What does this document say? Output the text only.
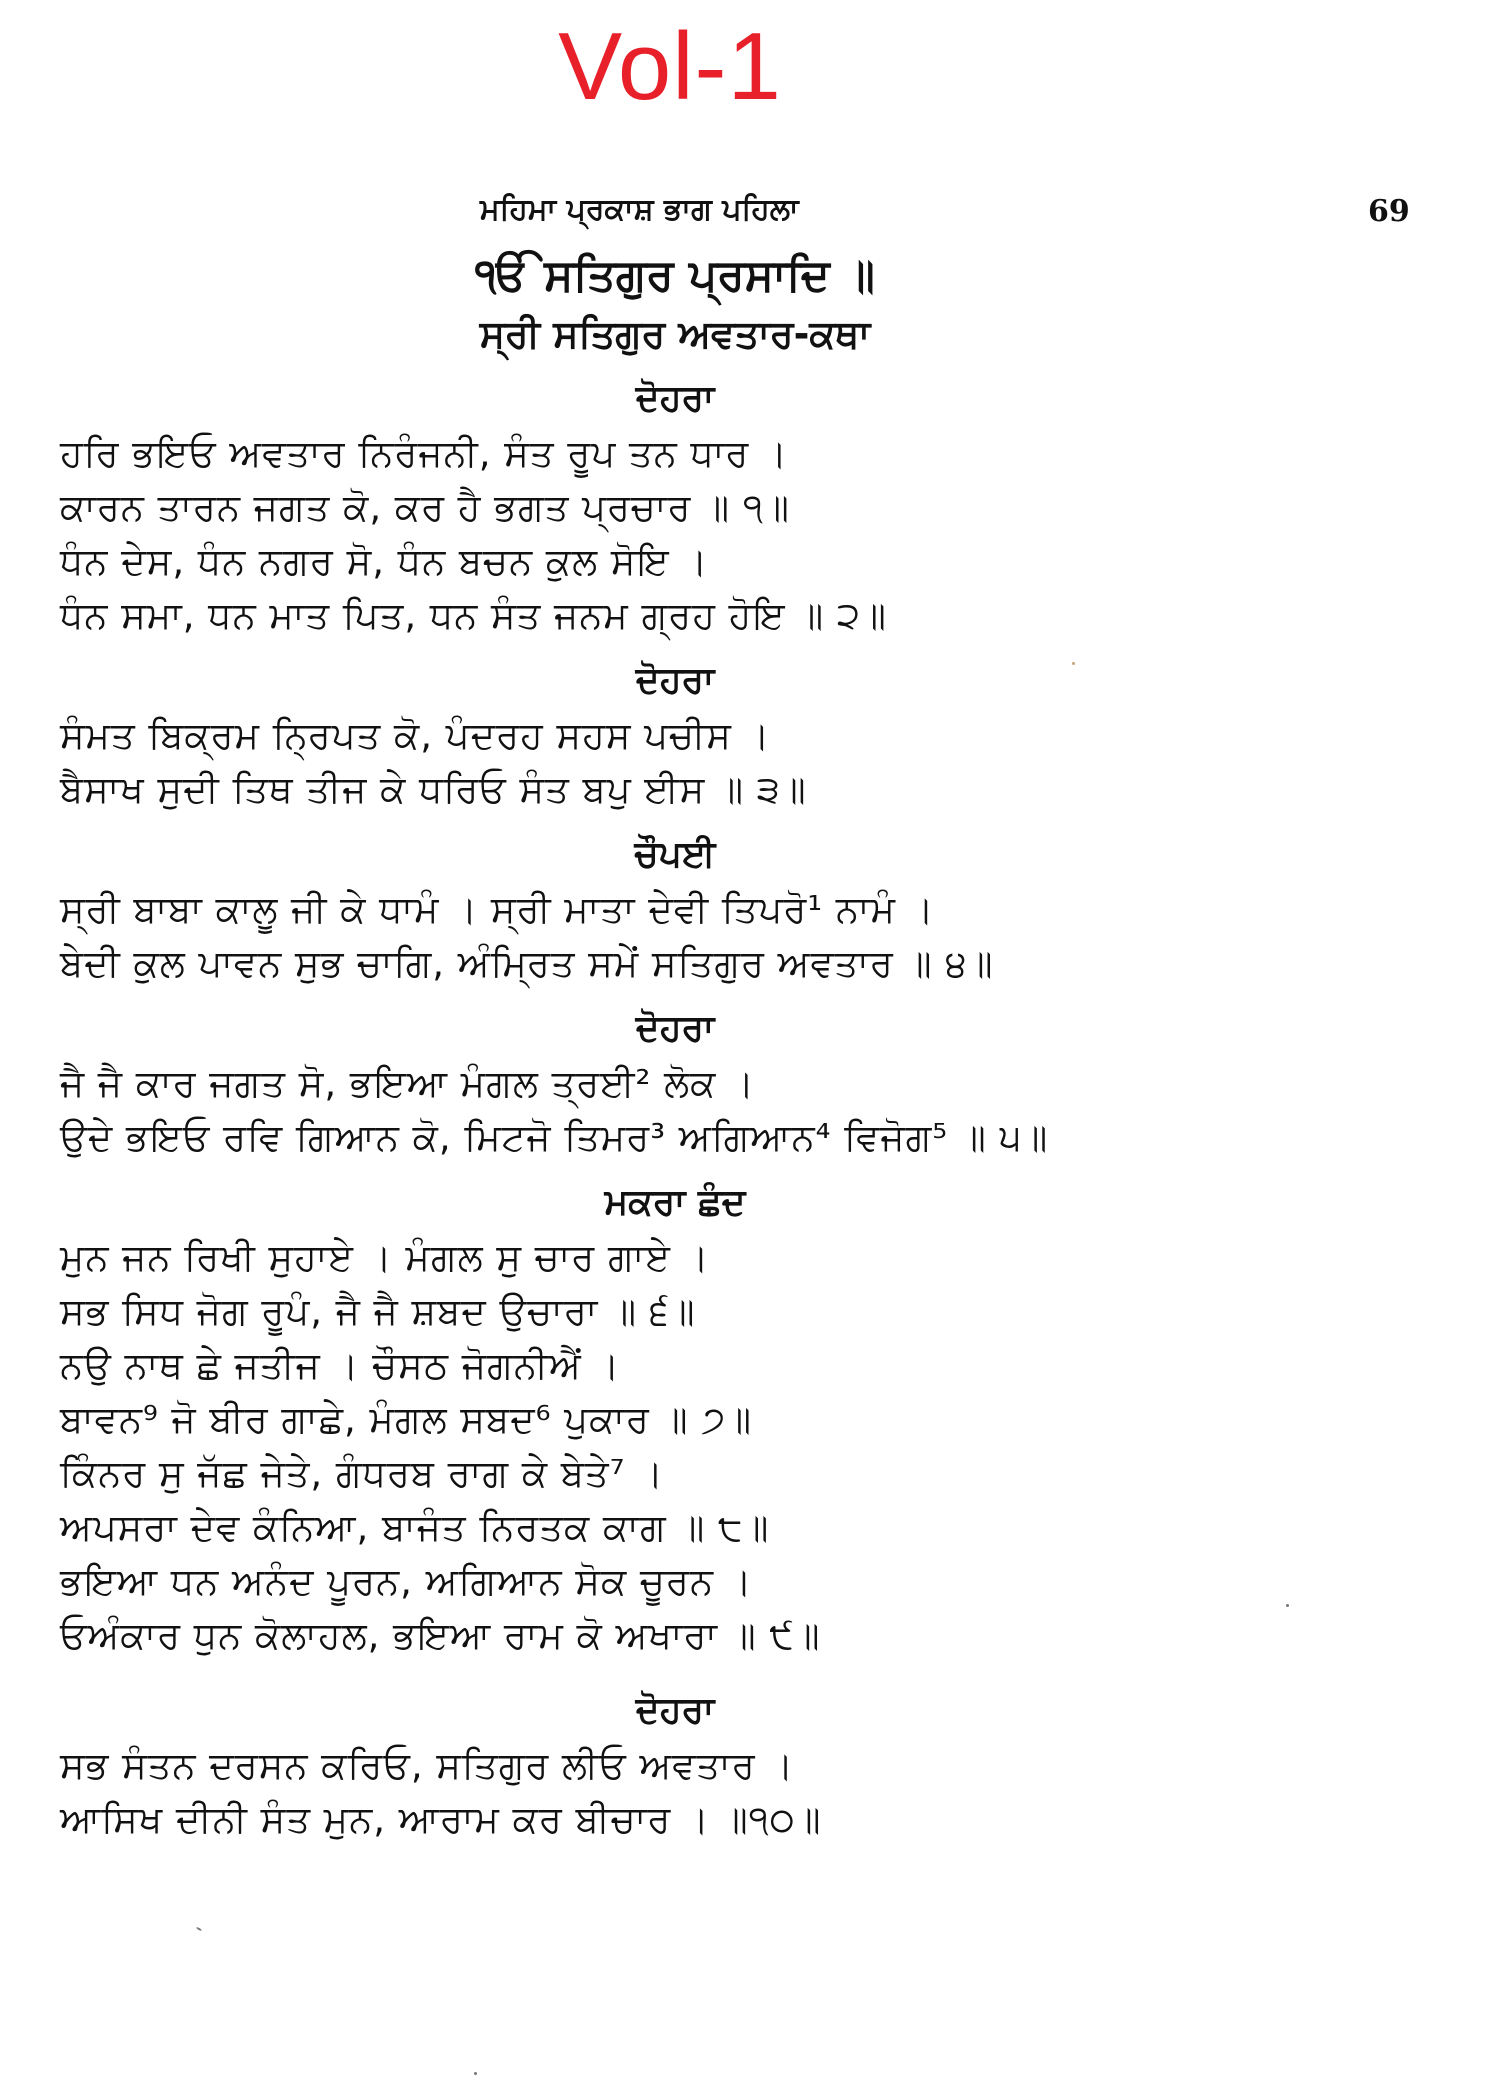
Vol-1
ਮਹਿਮਾ ਪ੍ਰਕਾਸ਼ ਭਾਗ ਪਹਿਲਾ	69
ੴ ਸਤਿਗੁਰ ਪ੍ਰਸਾਦਿ ॥
ਸ੍ਰੀ ਸਤਿਗੁਰ ਅਵਤਾਰ-ਕਥਾ
ਦੋਹਰਾ
ਹਰਿ ਭਇਓ ਅਵਤਾਰ ਨਿਰੰਜਨੀ, ਸੰਤ ਰੂਪ ਤਨ ਧਾਰ ।
ਕਾਰਨ ਤਾਰਨ ਜਗਤ ਕੋ, ਕਰ ਹੈ ਭਗਤ ਪ੍ਰਚਾਰ ॥ ੧॥
ਧੰਨ ਦੇਸ, ਧੰਨ ਨਗਰ ਸੋ, ਧੰਨ ਬਚਨ ਕੁਲ ਸੋਇ ।
ਧੰਨ ਸਮਾ, ਧਨ ਮਾਤ ਪਿਤ, ਧਨ ਸੰਤ ਜਨਮ ਗ੍ਰਹ ਹੋਇ ॥ ੨॥
ਦੋਹਰਾ
ਸੰਮਤ ਬਿਕ੍ਰਮ ਨ੍ਰਿਪਤ ਕੋ, ਪੰਦਰਹ ਸਹਸ ਪਚੀਸ ।
ਬੈਸਾਖ ਸੁਦੀ ਤਿਥ ਤੀਜ ਕੇ ਧਰਿਓ ਸੰਤ ਬਪੁ ਈਸ ॥ ੩॥
ਚੌਪਈ
ਸ੍ਰੀ ਬਾਬਾ ਕਾਲੂ ਜੀ ਕੇ ਧਾਮੰ । ਸ੍ਰੀ ਮਾਤਾ ਦੇਵੀ ਤਿਪਰੋ¹ ਨਾਮੰ ।
ਬੇਦੀ ਕੁਲ ਪਾਵਨ ਸੁਭ ਚਾਗਿ, ਅੰਮ੍ਰਿਤ ਸਮੇਂ ਸਤਿਗੁਰ ਅਵਤਾਰ ॥ ੪॥
ਦੋਹਰਾ
ਜੈ ਜੈ ਕਾਰ ਜਗਤ ਸੋ, ਭਇਆ ਮੰਗਲ ਤ੍ਰਈ² ਲੋਕ ।
ਉਦੇ ਭਇਓ ਰਵਿ ਗਿਆਨ ਕੋ, ਮਿਟਜੋ ਤਿਮਰ³ ਅਗਿਆਨ⁴ ਵਿਜੋਗ⁵ ॥ ੫॥
ਮਕਰਾ ਛੰਦ
ਮੁਨ ਜਨ ਰਿਖੀ ਸੁਹਾਏ । ਮੰਗਲ ਸੁ ਚਾਰ ਗਾਏ ।
ਸਭ ਸਿਧ ਜੋਗ ਰੂਪੰ, ਜੈ ਜੈ ਸ਼ਬਦ ਉਚਾਰਾ ॥ ੬॥
ਨਉ ਨਾਥ ਛੇ ਜਤੀਜ । ਚੌਸਠ ਜੋਗਨੀਐਂ ।
ਬਾਵਨ⁹ ਜੋ ਬੀਰ ਗਾਛੇ, ਮੰਗਲ ਸਬਦ⁶ ਪੁਕਾਰ ॥ ੭॥
ਕਿੰਨਰ ਸੁ ਜੱਛ ਜੇਤੇ, ਗੰਧਰਬ ਰਾਗ ਕੇ ਬੇਤੇ⁷ ।
ਅਪਸਰਾ ਦੇਵ ਕੰਨਿਆ, ਬਾਜੰਤ ਨਿਰਤਕ ਕਾਗ ॥ ੮॥
ਭਇਆ ਧਨ ਅਨੰਦ ਪੂਰਨ, ਅਗਿਆਨ ਸੋਕ ਚੂਰਨ ।
ਓਅੰਕਾਰ ਧੁਨ ਕੋਲਾਹਲ, ਭਇਆ ਰਾਮ ਕੋ ਅਖਾਰਾ ॥ ੯॥
ਦੋਹਰਾ
ਸਭ ਸੰਤਨ ਦਰਸਨ ਕਰਿਓ, ਸਤਿਗੁਰ ਲੀਓ ਅਵਤਾਰ ।
ਆਸਿਖ ਦੀਨੀ ਸੰਤ ਮੁਨ, ਆਰਾਮ ਕਰ ਬੀਚਾਰ । ॥੧੦॥
